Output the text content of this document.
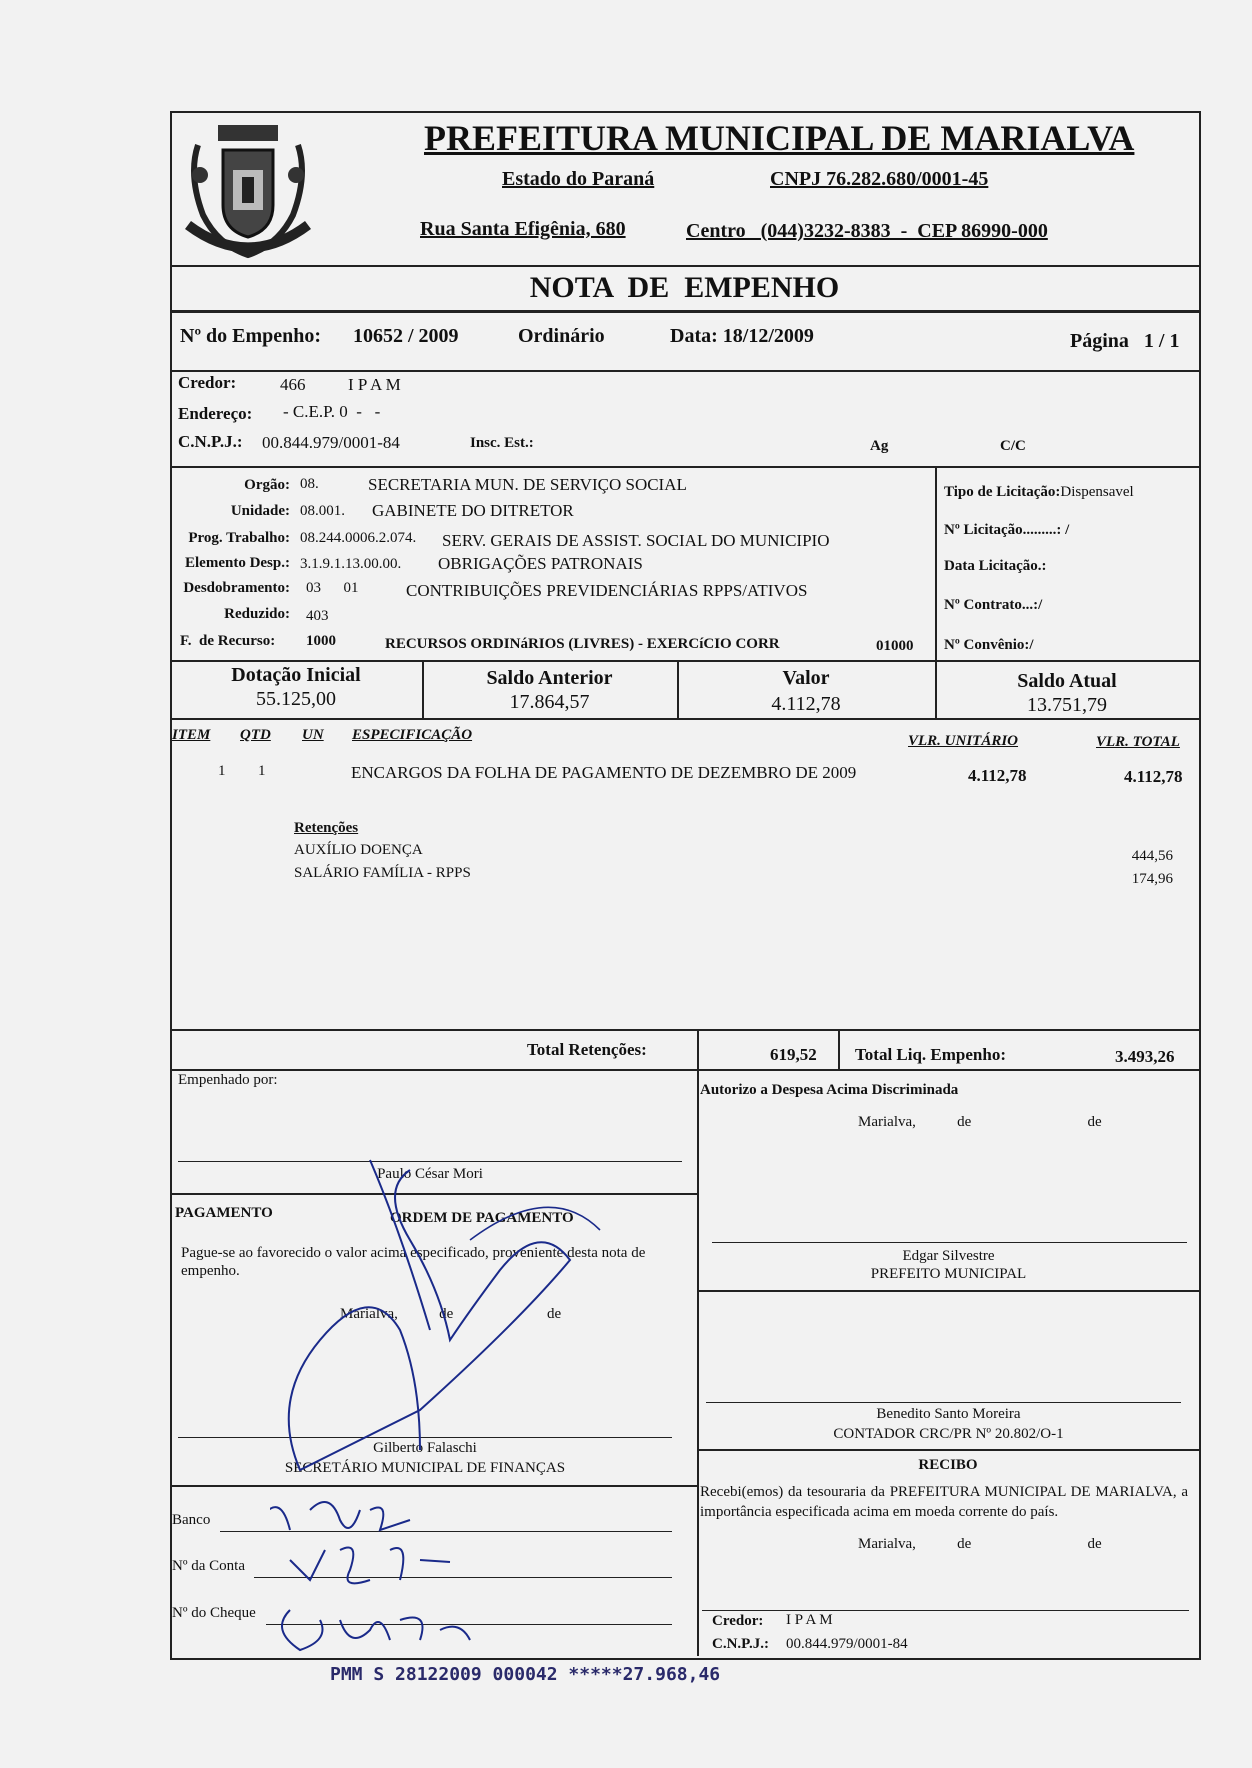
PREFEITURA MUNICIPAL DE MARIALVA
Estado do Paraná	CNPJ 76.282.680/0001-45
Rua Santa Efigênia, 680	Centro   (044)3232-8383  -  CEP 86990-000
NOTA  DE  EMPENHO
Nº do Empenho: 10652 / 2009	Ordinário	Data: 18/12/2009	Página   1 / 1
Credor:	466	I P A M
Endereço: - C.E.P. 0  -   -
C.N.P.J.: 00.844.979/0001-84	Insc. Est.:	Ag	C/C
Orgão: 08.	SECRETARIA MUN. DE SERVIÇO SOCIAL
Unidade: 08.001. GABINETE DO DITRETOR
Prog. Trabalho: 08.244.0006.2.074. SERV. GERAIS DE ASSIST. SOCIAL DO MUNICIPIO
Elemento Desp.: 3.1.9.1.13.00.00. OBRIGAÇÕES PATRONAIS
Desdobramento: 03      01	CONTRIBUIÇÕES PREVIDENCIÁRIAS RPPS/ATIVOS
Reduzido: 403
F.  de Recurso: 1000	RECURSOS ORDINáRIOS (LIVRES) - EXERCíCIO CORR	01000
Tipo de Licitação:Dispensavel
Nº Licitação.........: /
Data Licitação.:
Nº Contrato...:/
Nº Convênio:/
Dotação Inicial
55.125,00
Saldo Anterior
17.864,57
Valor
4.112,78
Saldo Atual
13.751,79
ITEM QTD UN ESPECIFICAÇÃO	VLR. UNITÁRIO	VLR. TOTAL
1 1	ENCARGOS DA FOLHA DE PAGAMENTO DE DEZEMBRO DE 2009	4.112,78	4.112,78
Retenções
AUXÍLIO DOENÇA	444,56
SALÁRIO FAMÍLIA - RPPS	174,96
Total Retenções:	619,52 Total Liq. Empenho:	3.493,26
Empenhado por:
Paulo César Mori
PAGAMENTO	ORDEM DE PAGAMENTO
Pague-se ao favorecido o valor acima especificado, proveniente desta nota de empenho.
Marialva,           de                         de
Gilberto Falaschi
SECRETÁRIO MUNICIPAL DE FINANÇAS
Banco
Nº da Conta
Nº do Cheque
Autorizo a Despesa Acima Discriminada
Marialva,           de                               de
Edgar Silvestre
PREFEITO MUNICIPAL
Benedito Santo Moreira
CONTADOR CRC/PR Nº 20.802/O-1
RECIBO
Recebi(emos) da tesouraria da PREFEITURA MUNICIPAL DE MARIALVA, a importância especificada acima em moeda corrente do país.
Marialva,           de                               de
Credor: I P A M
C.N.P.J.: 00.844.979/0001-84
PMM S 28122009 000042 *****27.968,46
